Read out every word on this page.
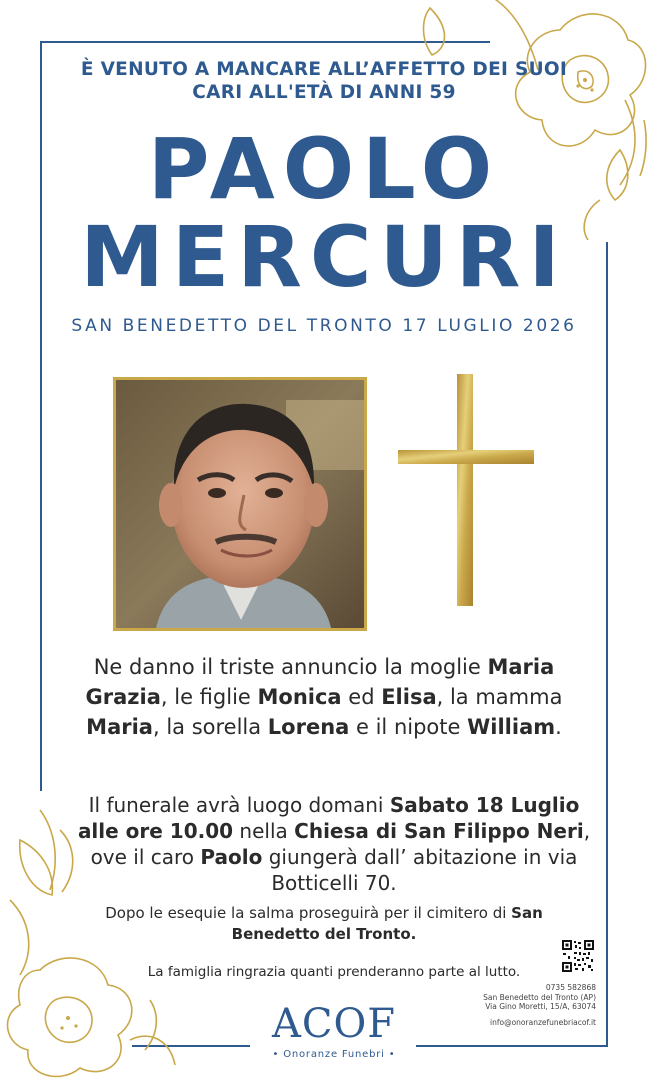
È VENUTO A MANCARE ALL’AFFETTO DEI SUOI
CARI ALL'ETÀ DI ANNI 59
PAOLO
MERCURI
SAN BENEDETTO DEL TRONTO 17 LUGLIO 2026
Ne danno il triste annuncio la moglie Maria Grazia, le figlie Monica ed Elisa, la mamma Maria, la sorella Lorena e il nipote William.
Il funerale avrà luogo domani Sabato 18 Luglio alle ore 10.00 nella Chiesa di San Filippo Neri, ove il caro Paolo giungerà dall’ abitazione in via Botticelli 70.
Dopo le esequie la salma proseguirà per il cimitero di San Benedetto del Tronto.
La famiglia ringrazia quanti prenderanno parte al lutto.
0735 582868
San Benedetto del Tronto (AP)
Via Gino Moretti, 15/A, 63074
info@onoranzefunebriacof.it
ACOF
• Onoranze Funebri •
